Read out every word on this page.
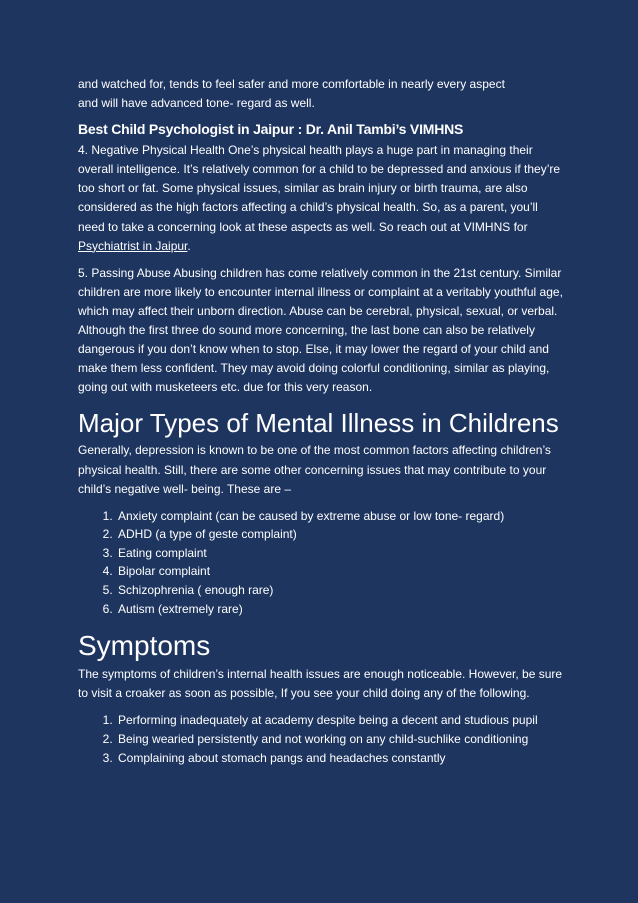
and watched for, tends to feel safer and more comfortable in nearly every aspect
and will have advanced tone- regard as well.

Best Child Psychologist in Jaipur : Dr. Anil Tambi’s VIMHNS

4. Negative Physical Health One’s physical health plays a huge part in managing their overall intelligence. It’s relatively common for a child to be depressed and anxious if they’re too short or fat. Some physical issues, similar as brain injury or birth trauma, are also considered as the high factors affecting a child’s physical health. So, as a parent, you’ll need to take a concerning look at these aspects as well. So reach out at VIMHNS for Psychiatrist in Jaipur.

5. Passing Abuse Abusing children has come relatively common in the 21st century. Similar children are more likely to encounter internal illness or complaint at a veritably youthful age, which may affect their unborn direction. Abuse can be cerebral, physical, sexual, or verbal. Although the first three do sound more concerning, the last bone can also be relatively dangerous if you don’t know when to stop. Else, it may lower the regard of your child and make them less confident. They may avoid doing colorful conditioning, similar as playing, going out with musketeers etc. due for this very reason.

Major Types of Mental Illness in Childrens

Generally, depression is known to be one of the most common factors affecting children’s physical health. Still, there are some other concerning issues that may contribute to your child’s negative well- being. These are –

1. Anxiety complaint (can be caused by extreme abuse or low tone- regard)
2. ADHD (a type of geste complaint)
3. Eating complaint
4. Bipolar complaint
5. Schizophrenia ( enough rare)
6. Autism (extremely rare)
Symptoms

The symptoms of children’s internal health issues are enough noticeable. However, be sure to visit a croaker as soon as possible, If you see your child doing any of the following.

1. Performing inadequately at academy despite being a decent and studious pupil
2. Being wearied persistently and not working on any child-suchlike conditioning
3. Complaining about stomach pangs and headaches constantly
